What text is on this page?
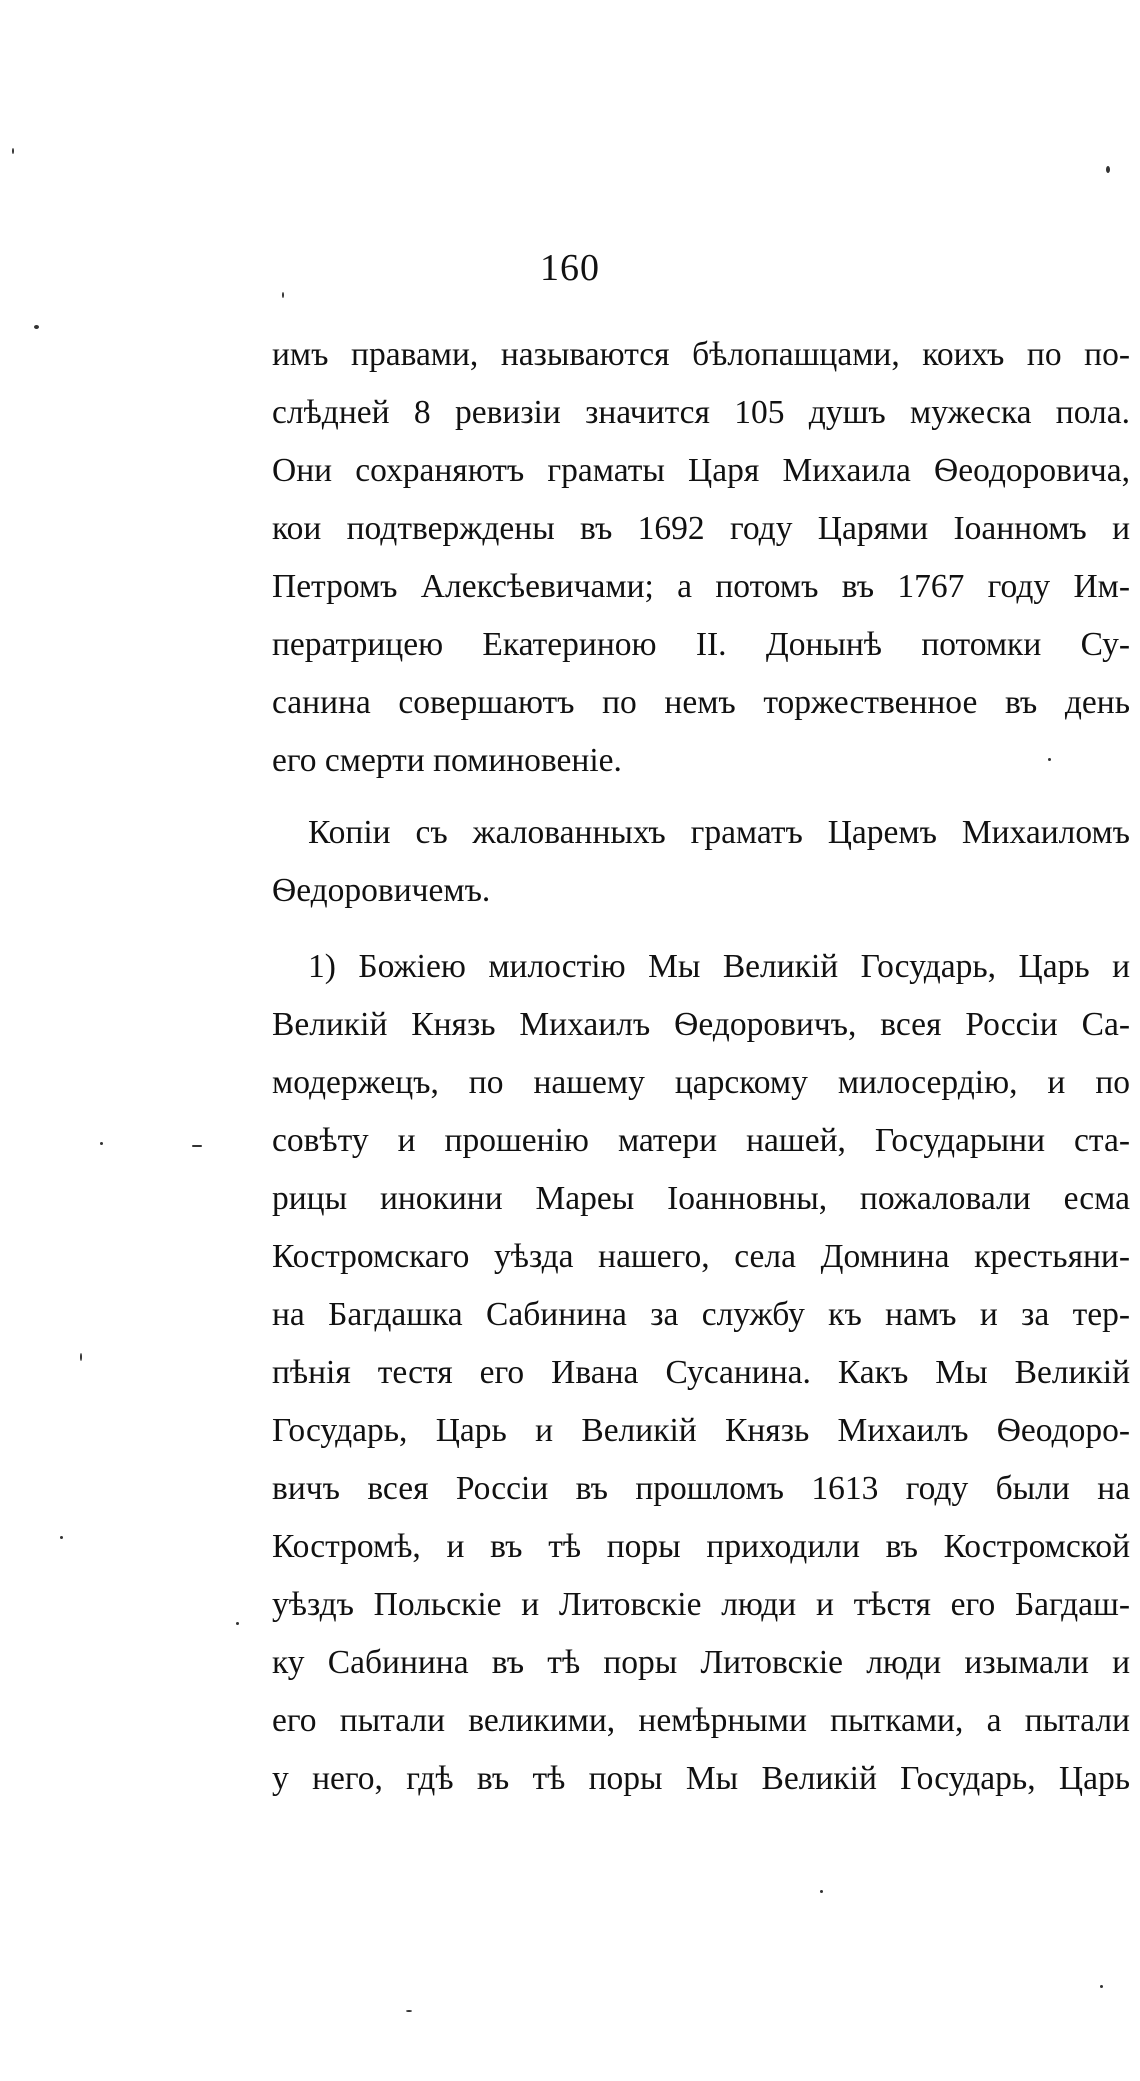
160
имъ правами, называются бѣлопашцами, коихъ по по-
слѣдней 8 ревизіи значится 105 душъ мужеска пола.
Они сохраняютъ граматы Царя Михаила Ѳеодоровича,
кои подтверждены въ 1692 году Царями Іоанномъ и
Петромъ Алексѣевичами; а потомъ въ 1767 году Им-
ператрицею Екатериною II. Донынѣ потомки Су-
санина совершаютъ по немъ торжественное въ день
его смерти поминовеніе.
Копіи съ жалованныхъ граматъ Царемъ Михаиломъ
Ѳедоровичемъ.
1) Божіею милостію Мы Великій Государь, Царь и
Великій Князь Михаилъ Ѳедоровичъ, всея Россіи Са-
модержецъ, по нашему царскому милосердію, и по
совѣту и прошенію матери нашей, Государыни ста-
рицы инокини Мареы Іоанновны, пожаловали есма
Костромскаго уѣзда нашего, села Домнина крестьяни-
на Багдашка Сабинина за службу къ намъ и за тер-
пѣнія тестя его Ивана Сусанина. Какъ Мы Великій
Государь, Царь и Великій Князь Михаилъ Ѳеодоро-
вичъ всея Россіи въ прошломъ 1613 году были на
Костромѣ, и въ тѣ поры приходили въ Костромской
уѣздъ Польскіе и Литовскіе люди и тѣстя его Багдаш-
ку Сабинина въ тѣ поры Литовскіе люди изымали и
его пытали великими, немѣрными пытками, а пытали
у него, гдѣ въ тѣ поры Мы Великій Государь, Царь
